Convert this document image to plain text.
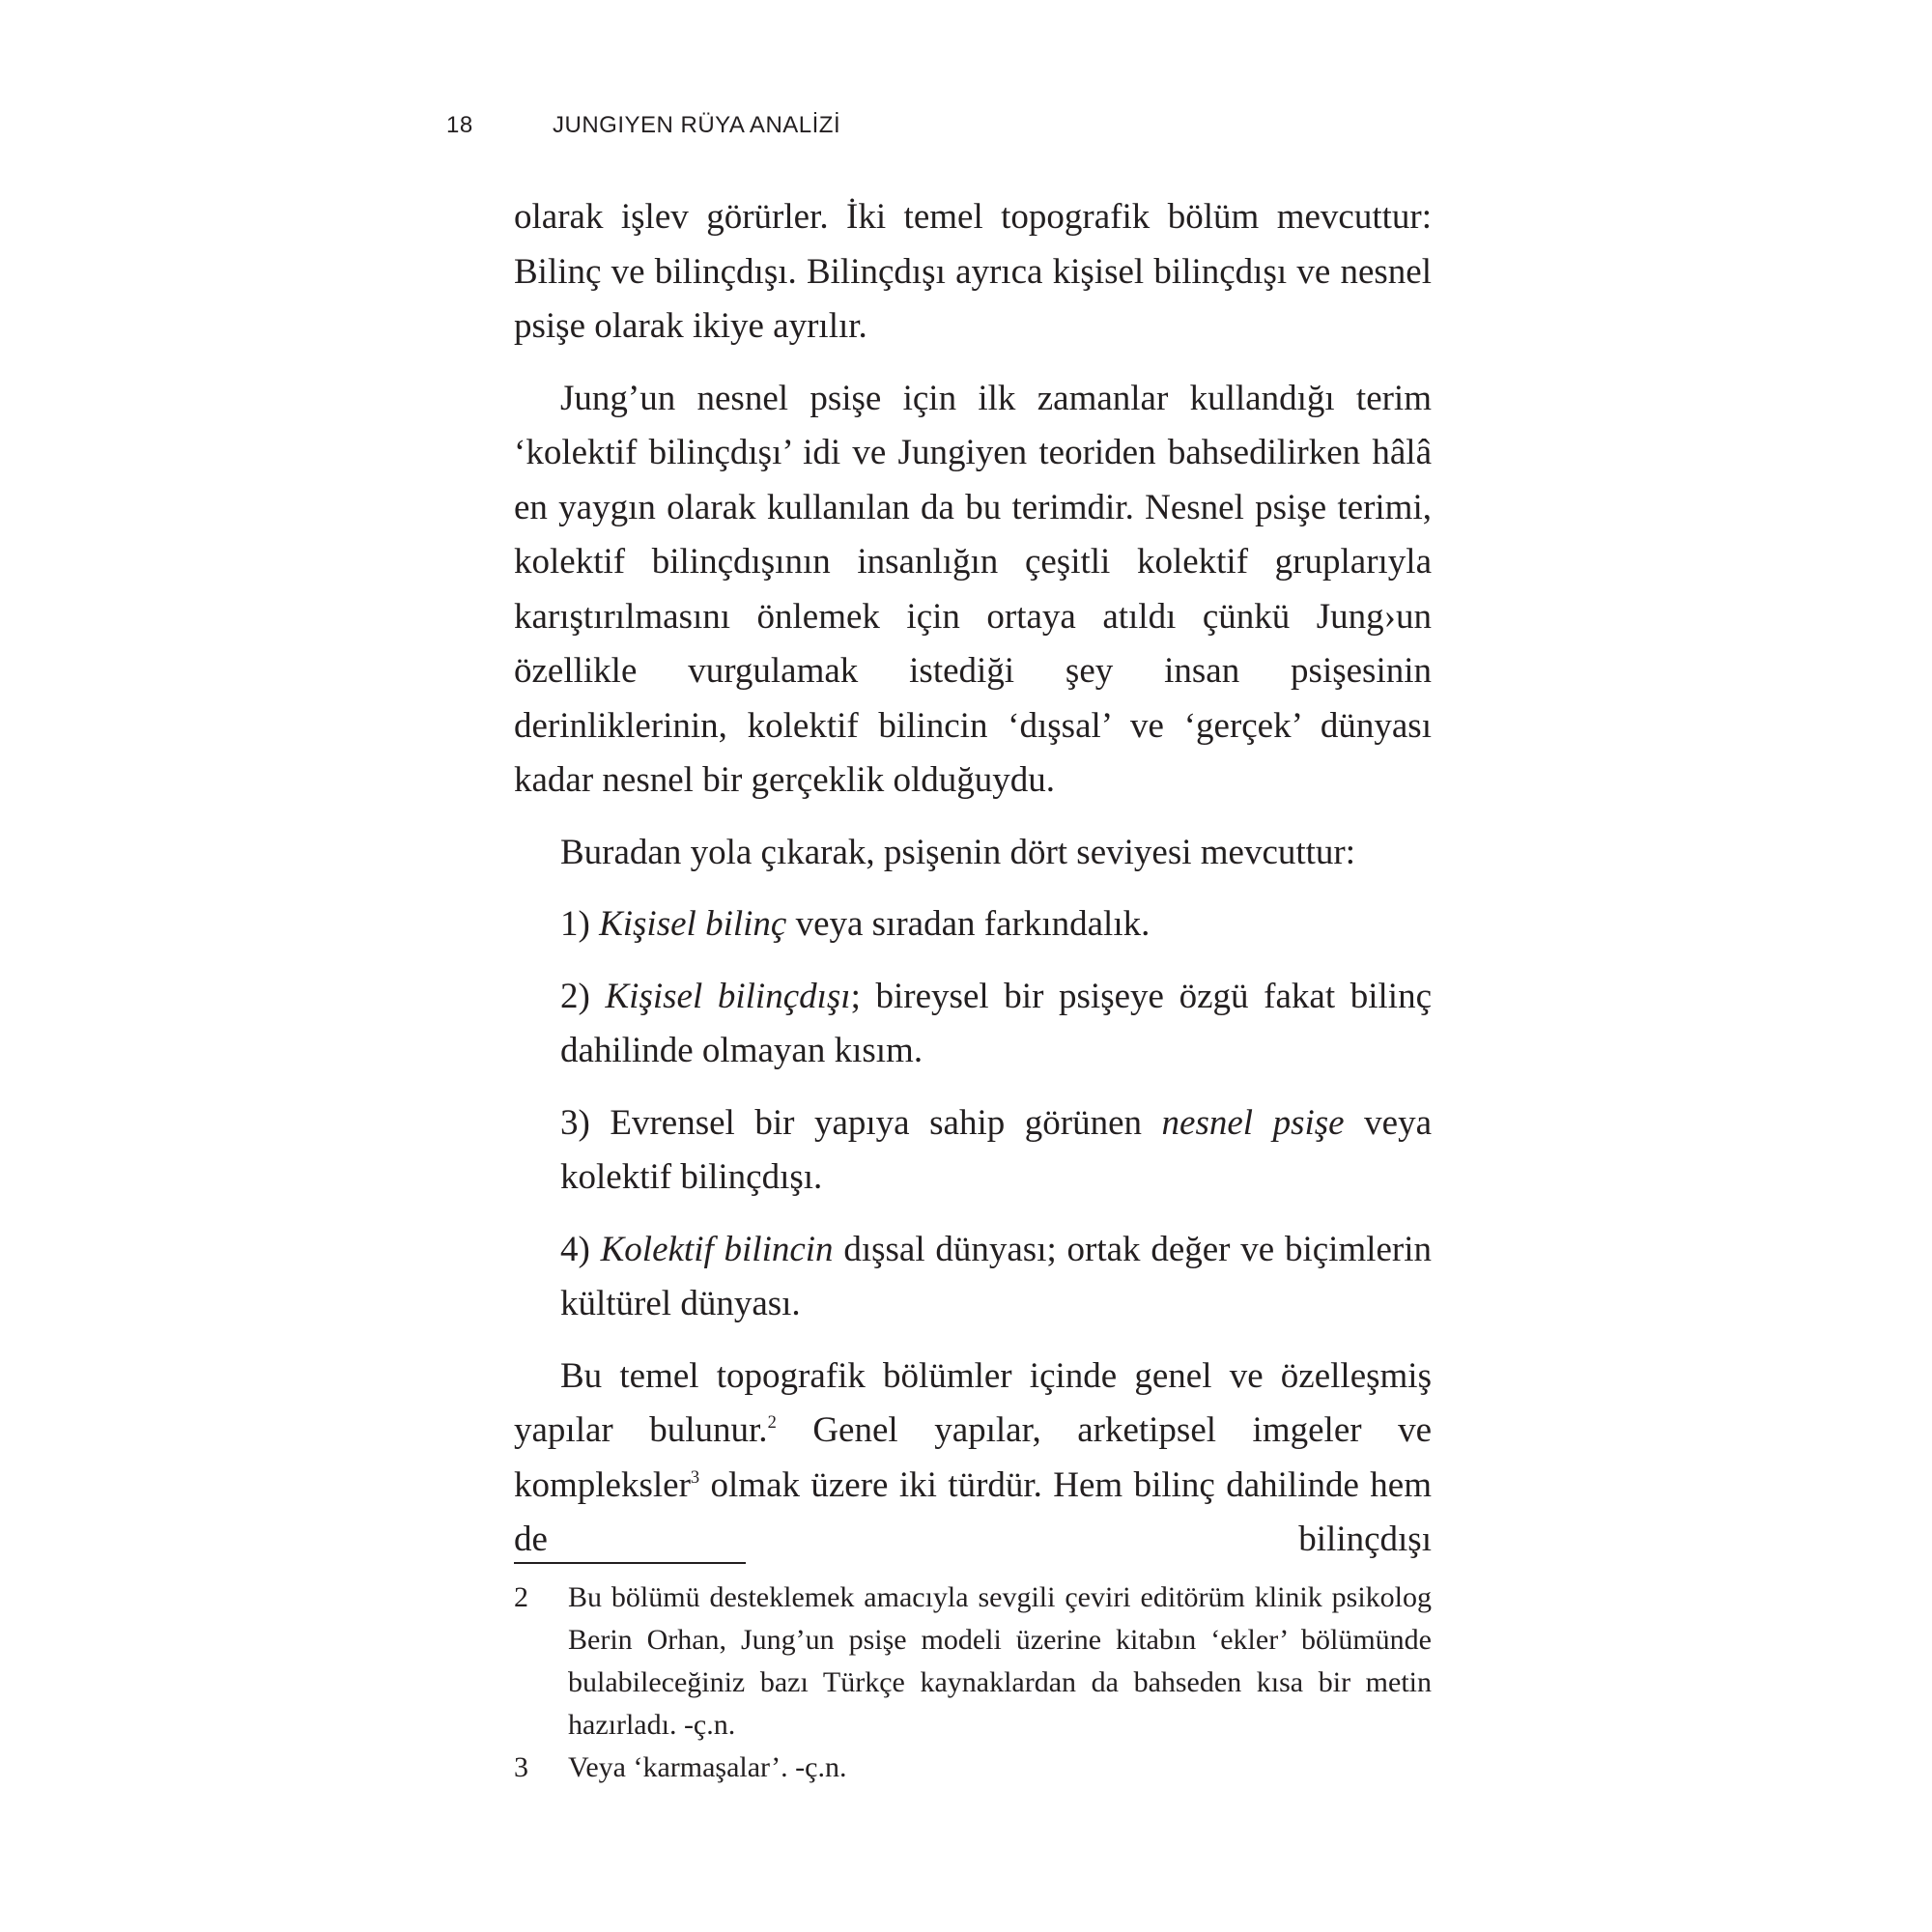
18	JUNGIYEN RÜYA ANALİZİ

olarak işlev görürler. İki temel topografik bölüm mevcuttur: Bilinç ve bilinçdışı. Bilinçdışı ayrıca kişisel bilinçdışı ve nesnel psişe olarak ikiye ayrılır.

Jung’un nesnel psişe için ilk zamanlar kullandığı terim ‘kolektif bilinçdışı’ idi ve Jungiyen teoriden bahsedilirken hâlâ en yaygın olarak kullanılan da bu terimdir. Nesnel psişe terimi, kolektif bilinçdışının insanlığın çeşitli kolektif gruplarıyla karıştırılmasını önlemek için ortaya atıldı çünkü Jung›un özellikle vurgulamak istediği şey insan psişesinin derinliklerinin, kolektif bilincin ‘dışsal’ ve ‘gerçek’ dünyası kadar nesnel bir gerçeklik olduğuydu.

Buradan yola çıkarak, psişenin dört seviyesi mevcuttur:

1) Kişisel bilinç veya sıradan farkındalık.

2) Kişisel bilinçdışı; bireysel bir psişeye özgü fakat bilinç dahilinde olmayan kısım.

3) Evrensel bir yapıya sahip görünen nesnel psişe veya kolektif bilinçdışı.

4) Kolektif bilincin dışsal dünyası; ortak değer ve biçimlerin kültürel dünyası.

Bu temel topografik bölümler içinde genel ve özelleşmiş yapılar bulunur.$^2$ Genel yapılar, arketipsel imgeler ve kompleksler$^3$ olmak üzere iki türdür. Hem bilinç dahilinde hem de bilinçdışı

2 Bu bölümü desteklemek amacıyla sevgili çeviri editörüm klinik psikolog Berin Orhan, Jung’un psişe modeli üzerine kitabın ‘ekler’ bölümünde bulabileceğiniz bazı Türkçe kaynaklardan da bahseden kısa bir metin hazırladı. -ç.n.
3 Veya ‘karmaşalar’. -ç.n.
